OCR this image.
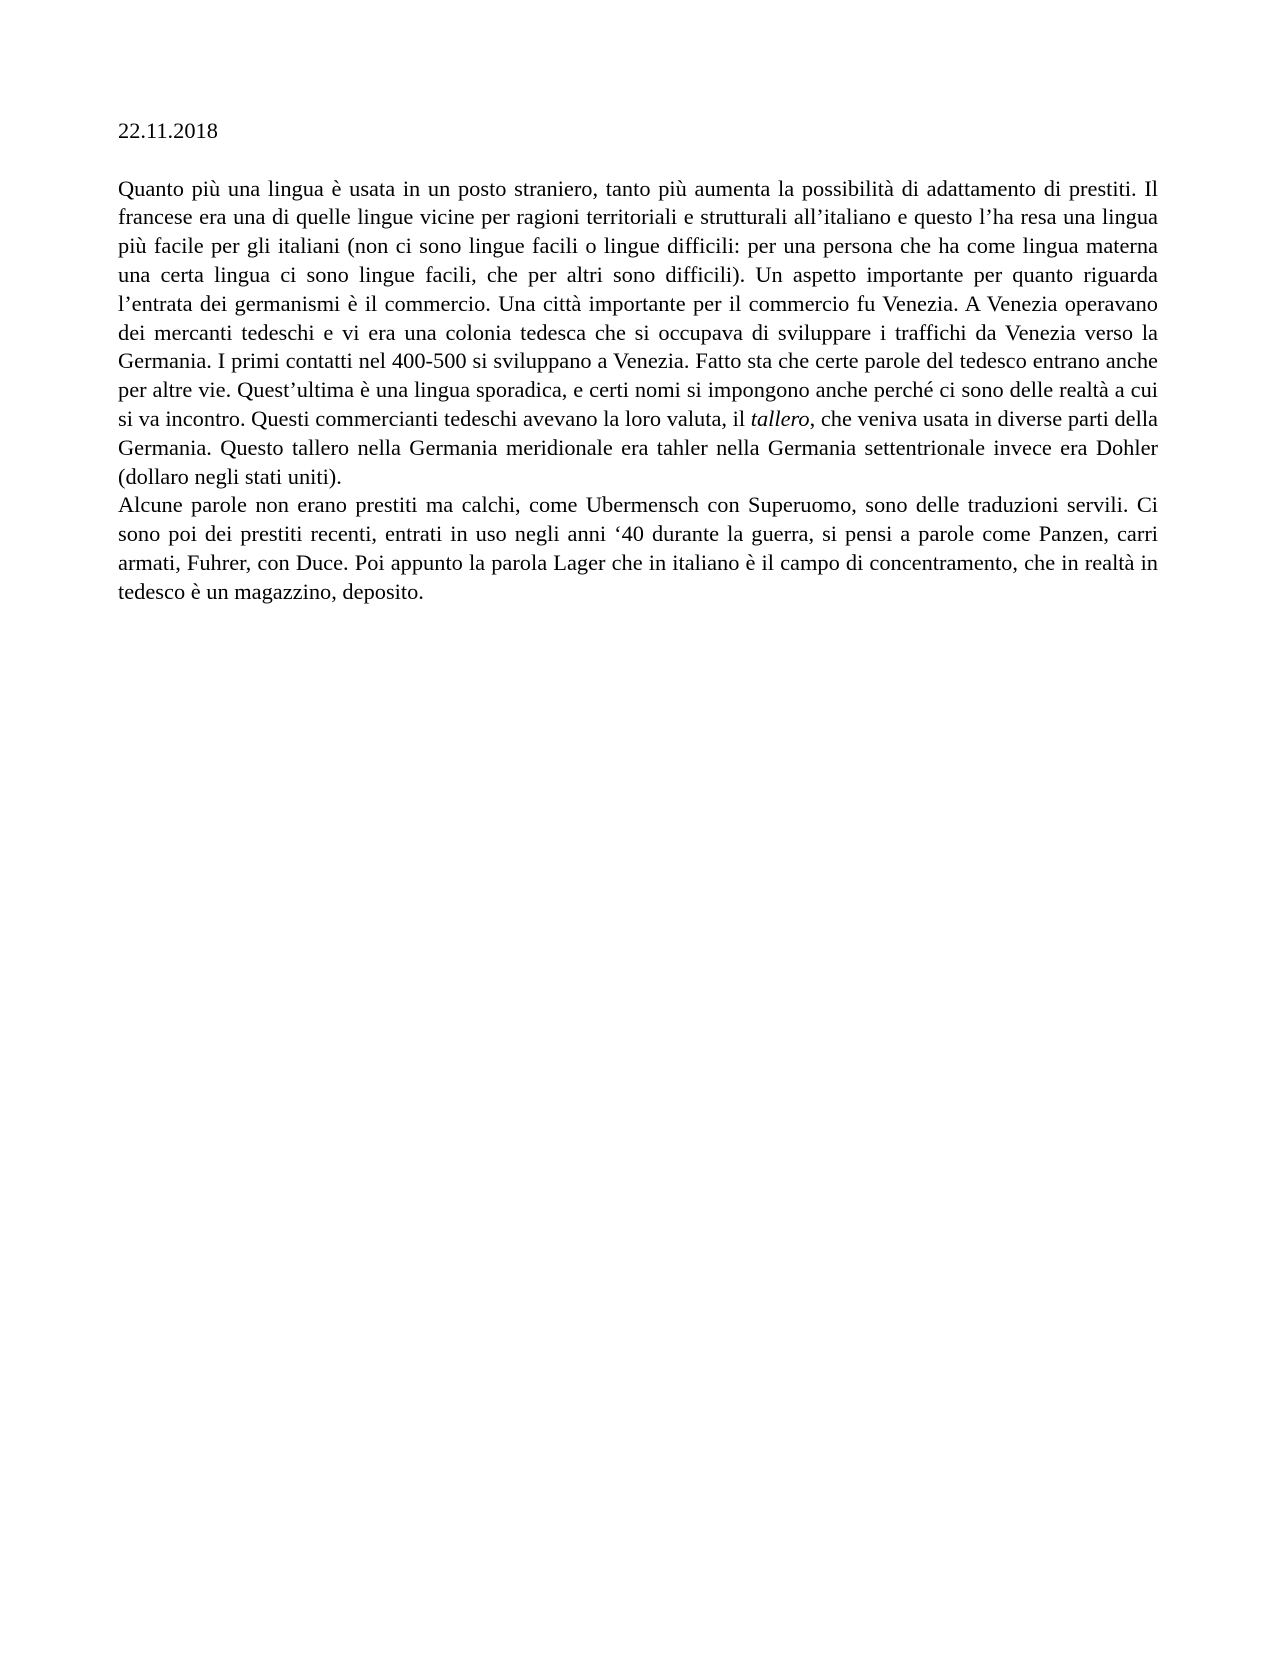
22.11.2018

Quanto più una lingua è usata in un posto straniero, tanto più aumenta la possibilità di adattamento di prestiti. Il francese era una di quelle lingue vicine per ragioni territoriali e strutturali all’italiano e questo l’ha resa una lingua più facile per gli italiani (non ci sono lingue facili o lingue difficili: per una persona che ha come lingua materna una certa lingua ci sono lingue facili, che per altri sono difficili). Un aspetto importante per quanto riguarda l’entrata dei germanismi è il commercio. Una città importante per il commercio fu Venezia. A Venezia operavano dei mercanti tedeschi e vi era una colonia tedesca che si occupava di sviluppare i traffichi da Venezia verso la Germania. I primi contatti nel 400-500 si sviluppano a Venezia. Fatto sta che certe parole del tedesco entrano anche per altre vie. Quest’ultima è una lingua sporadica, e certi nomi si impongono anche perché ci sono delle realtà a cui si va incontro. Questi commercianti tedeschi avevano la loro valuta, il tallero, che veniva usata in diverse parti della Germania. Questo tallero nella Germania meridionale era tahler nella Germania settentrionale invece era Dohler (dollaro negli stati uniti).

Alcune parole non erano prestiti ma calchi, come Ubermensch con Superuomo, sono delle traduzioni servili. Ci sono poi dei prestiti recenti, entrati in uso negli anni ‘40 durante la guerra, si pensi a parole come Panzen, carri armati, Fuhrer, con Duce. Poi appunto la parola Lager che in italiano è il campo di concentramento, che in realtà in tedesco è un magazzino, deposito.
